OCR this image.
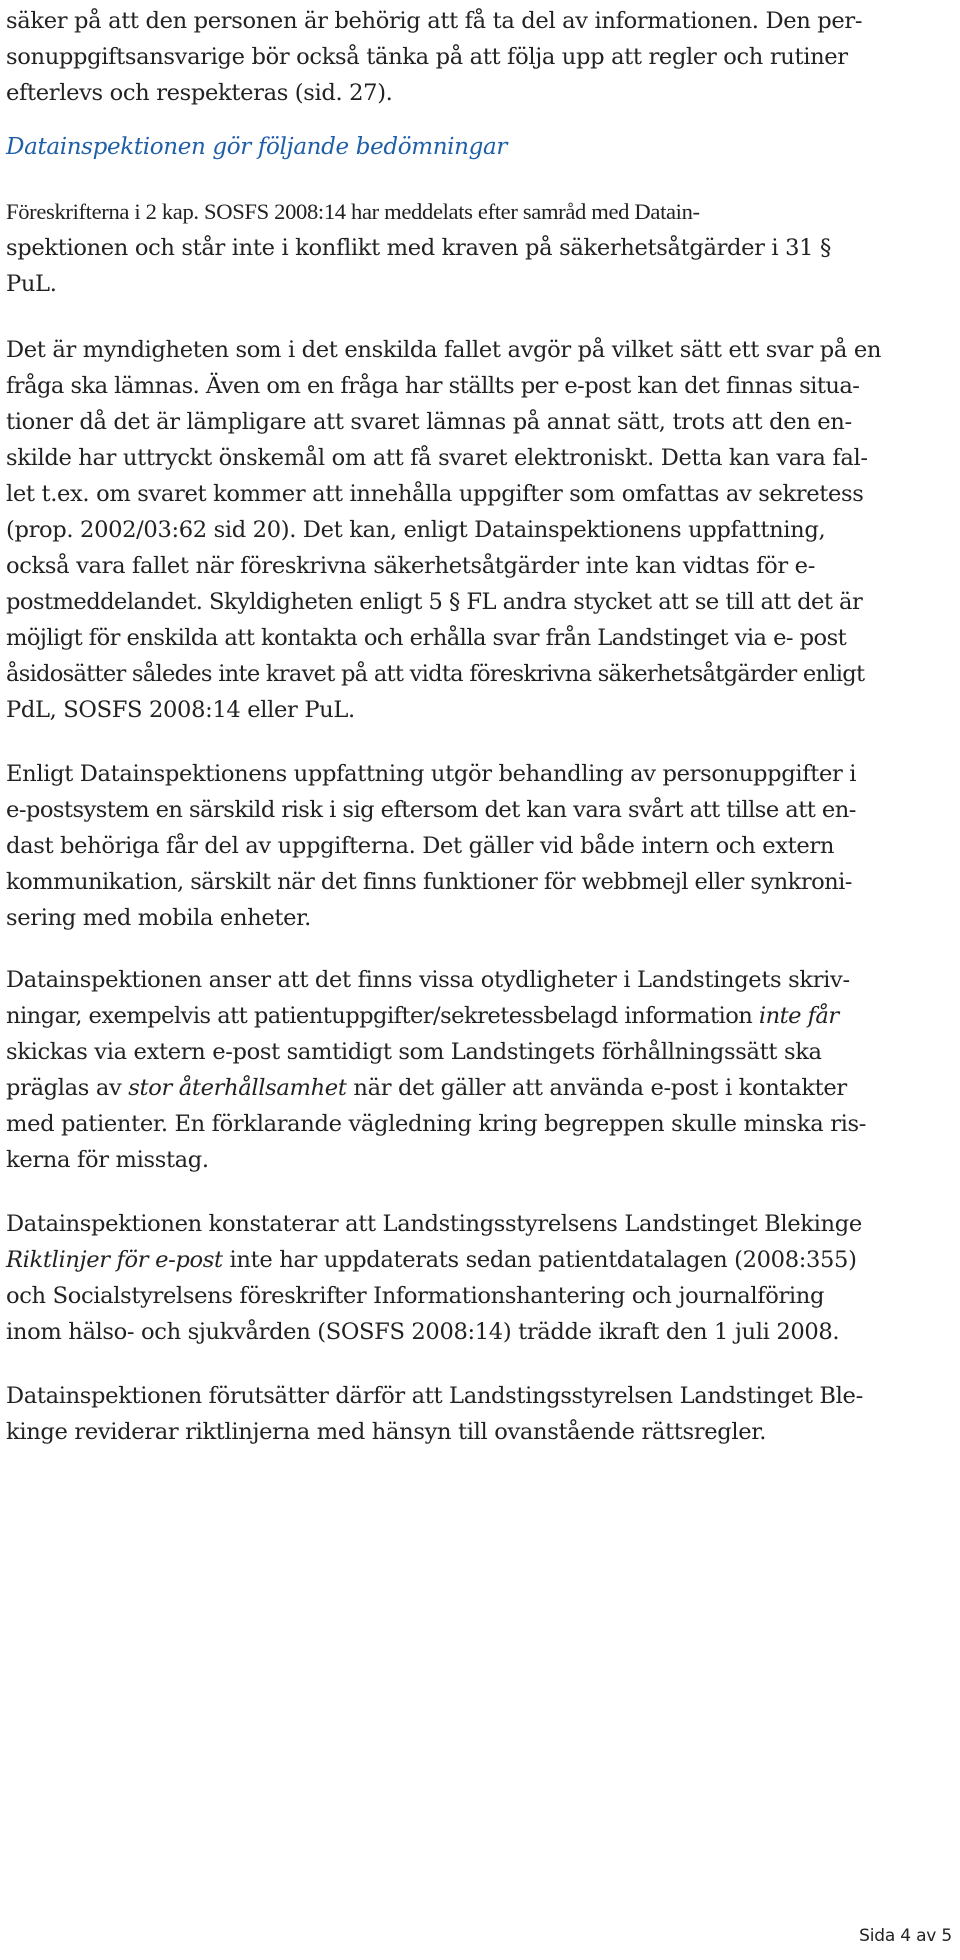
säker på att den personen är behörig att få ta del av informationen. Den per-
sonuppgiftsansvarige bör också tänka på att följa upp att regler och rutiner
efterlevs och respekteras (sid. 27).
Datainspektionen gör följande bedömningar
Föreskrifterna i 2 kap. SOSFS 2008:14 har meddelats efter samråd med Datain-
spektionen och står inte i konflikt med kraven på säkerhetsåtgärder i 31 §
PuL.
Det är myndigheten som i det enskilda fallet avgör på vilket sätt ett svar på en
fråga ska lämnas. Även om en fråga har ställts per e-post kan det finnas situa-
tioner då det är lämpligare att svaret lämnas på annat sätt, trots att den en-
skilde har uttryckt önskemål om att få svaret elektroniskt. Detta kan vara fal-
let t.ex. om svaret kommer att innehålla uppgifter som omfattas av sekretess
(prop. 2002/03:62 sid 20). Det kan, enligt Datainspektionens uppfattning,
också vara fallet när föreskrivna säkerhetsåtgärder inte kan vidtas för e-
postmeddelandet. Skyldigheten enligt 5 § FL andra stycket att se till att det är
möjligt för enskilda att kontakta och erhålla svar från Landstinget via e- post
åsidosätter således inte kravet på att vidta föreskrivna säkerhetsåtgärder enligt
PdL, SOSFS 2008:14 eller PuL.
Enligt Datainspektionens uppfattning utgör behandling av personuppgifter i
e-postsystem en särskild risk i sig eftersom det kan vara svårt att tillse att en-
dast behöriga får del av uppgifterna. Det gäller vid både intern och extern
kommunikation, särskilt när det finns funktioner för webbmejl eller synkroni-
sering med mobila enheter.
Datainspektionen anser att det finns vissa otydligheter i Landstingets skriv-
ningar, exempelvis att patientuppgifter/sekretessbelagd information inte får
skickas via extern e-post samtidigt som Landstingets förhållningssätt ska
präglas av stor återhållsamhet när det gäller att använda e-post i kontakter
med patienter. En förklarande vägledning kring begreppen skulle minska ris-
kerna för misstag.
Datainspektionen konstaterar att Landstingsstyrelsens Landstinget Blekinge
Riktlinjer för e-post inte har uppdaterats sedan patientdatalagen (2008:355)
och Socialstyrelsens föreskrifter Informationshantering och journalföring
inom hälso- och sjukvården (SOSFS 2008:14) trädde ikraft den 1 juli 2008.
Datainspektionen förutsätter därför att Landstingsstyrelsen Landstinget Ble-
kinge reviderar riktlinjerna med hänsyn till ovanstående rättsregler.
Sida 4 av 5
